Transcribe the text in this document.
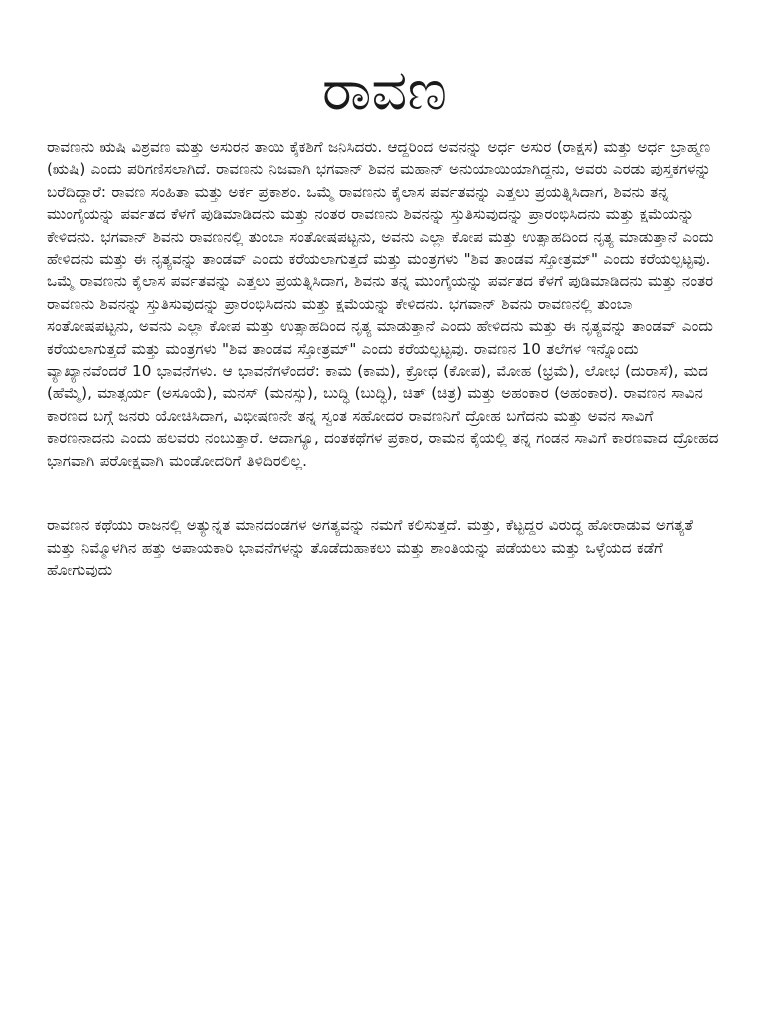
ರಾವಣ

ರಾವಣನು ಋಷಿ ವಿಶ್ರವಣ ಮತ್ತು ಅಸುರನ ತಾಯಿ ಕೈಕಶಿಗೆ ಜನಿಸಿದರು. ಆದ್ದರಿಂದ ಅವನನ್ನು ಅರ್ಧ ಅಸುರ (ರಾಕ್ಷಸ) ಮತ್ತು ಅರ್ಧ ಬ್ರಾಹ್ಮಣ (ಋಷಿ) ಎಂದು ಪರಿಗಣಿಸಲಾಗಿದೆ. ರಾವಣನು ನಿಜವಾಗಿ ಭಗವಾನ್ ಶಿವನ ಮಹಾನ್ ಅನುಯಾಯಿಯಾಗಿದ್ದನು, ಅವರು ಎರಡು ಪುಸ್ತಕಗಳನ್ನು ಬರೆದಿದ್ದಾರೆ: ರಾವಣ ಸಂಹಿತಾ ಮತ್ತು ಅರ್ಕ ಪ್ರಕಾಶಂ. ಒಮ್ಮೆ ರಾವಣನು ಕೈಲಾಸ ಪರ್ವತವನ್ನು ಎತ್ತಲು ಪ್ರಯತ್ನಿಸಿದಾಗ, ಶಿವನು ತನ್ನ ಮುಂಗೈಯನ್ನು ಪರ್ವತದ ಕೆಳಗೆ ಪುಡಿಮಾಡಿದನು ಮತ್ತು ನಂತರ ರಾವಣನು ಶಿವನನ್ನು ಸ್ತುತಿಸುವುದನ್ನು ಪ್ರಾರಂಭಿಸಿದನು ಮತ್ತು ಕ್ಷಮೆಯನ್ನು ಕೇಳಿದನು. ಭಗವಾನ್ ಶಿವನು ರಾವಣನಲ್ಲಿ ತುಂಬಾ ಸಂತೋಷಪಟ್ಟನು, ಅವನು ಎಲ್ಲಾ ಕೋಪ ಮತ್ತು ಉತ್ಸಾಹದಿಂದ ನೃತ್ಯ ಮಾಡುತ್ತಾನೆ ಎಂದು ಹೇಳಿದನು ಮತ್ತು ಈ ನೃತ್ಯವನ್ನು ತಾಂಡವ್ ಎಂದು ಕರೆಯಲಾಗುತ್ತದೆ ಮತ್ತು ಮಂತ್ರಗಳು "ಶಿವ ತಾಂಡವ ಸ್ತೋತ್ರಮ್" ಎಂದು ಕರೆಯಲ್ಪಟ್ಟವು. ಒಮ್ಮೆ ರಾವಣನು ಕೈಲಾಸ ಪರ್ವತವನ್ನು ಎತ್ತಲು ಪ್ರಯತ್ನಿಸಿದಾಗ, ಶಿವನು ತನ್ನ ಮುಂಗೈಯನ್ನು ಪರ್ವತದ ಕೆಳಗೆ ಪುಡಿಮಾಡಿದನು ಮತ್ತು ನಂತರ ರಾವಣನು ಶಿವನನ್ನು ಸ್ತುತಿಸುವುದನ್ನು ಪ್ರಾರಂಭಿಸಿದನು ಮತ್ತು ಕ್ಷಮೆಯನ್ನು ಕೇಳಿದನು. ಭಗವಾನ್ ಶಿವನು ರಾವಣನಲ್ಲಿ ತುಂಬಾ ಸಂತೋಷಪಟ್ಟನು, ಅವನು ಎಲ್ಲಾ ಕೋಪ ಮತ್ತು ಉತ್ಸಾಹದಿಂದ ನೃತ್ಯ ಮಾಡುತ್ತಾನೆ ಎಂದು ಹೇಳಿದನು ಮತ್ತು ಈ ನೃತ್ಯವನ್ನು ತಾಂಡವ್ ಎಂದು ಕರೆಯಲಾಗುತ್ತದೆ ಮತ್ತು ಮಂತ್ರಗಳು "ಶಿವ ತಾಂಡವ ಸ್ತೋತ್ರಮ್" ಎಂದು ಕರೆಯಲ್ಪಟ್ಟವು. ರಾವಣನ 10 ತಲೆಗಳ ಇನ್ನೊಂದು ವ್ಯಾಖ್ಯಾನವೆಂದರೆ 10 ಭಾವನೆಗಳು. ಆ ಭಾವನೆಗಳೆಂದರೆ: ಕಾಮ (ಕಾಮ), ಕ್ರೋಧ (ಕೋಪ), ಮೋಹ (ಭ್ರಮೆ), ಲೋಭ (ದುರಾಸೆ), ಮದ (ಹೆಮ್ಮೆ), ಮಾತ್ಸರ್ಯ (ಅಸೂಯೆ), ಮನಸ್ (ಮನಸ್ಸು), ಬುದ್ಧಿ (ಬುದ್ಧಿ), ಚಿತ್ (ಚಿತ್ರ) ಮತ್ತು ಅಹಂಕಾರ (ಅಹಂಕಾರ). ರಾವಣನ ಸಾವಿನ ಕಾರಣದ ಬಗ್ಗೆ ಜನರು ಯೋಚಿಸಿದಾಗ, ವಿಭೀಷಣನೇ ತನ್ನ ಸ್ವಂತ ಸಹೋದರ ರಾವಣನಿಗೆ ದ್ರೋಹ ಬಗೆದನು ಮತ್ತು ಅವನ ಸಾವಿಗೆ ಕಾರಣನಾದನು ಎಂದು ಹಲವರು ನಂಬುತ್ತಾರೆ. ಆದಾಗ್ಯೂ, ದಂತಕಥೆಗಳ ಪ್ರಕಾರ, ರಾಮನ ಕೈಯಲ್ಲಿ ತನ್ನ ಗಂಡನ ಸಾವಿಗೆ ಕಾರಣವಾದ ದ್ರೋಹದ ಭಾಗವಾಗಿ ಪರೋಕ್ಷವಾಗಿ ಮಂಡೋದರಿಗೆ ತಿಳಿದಿರಲಿಲ್ಲ.

ರಾವಣನ ಕಥೆಯು ರಾಜನಲ್ಲಿ ಅತ್ಯುನ್ನತ ಮಾನದಂಡಗಳ ಅಗತ್ಯವನ್ನು ನಮಗೆ ಕಲಿಸುತ್ತದೆ. ಮತ್ತು, ಕೆಟ್ಟದ್ದರ ವಿರುದ್ಧ ಹೋರಾಡುವ ಅಗತ್ಯತೆ ಮತ್ತು ನಿಮ್ಮೊಳಗಿನ ಹತ್ತು ಅಪಾಯಕಾರಿ ಭಾವನೆಗಳನ್ನು ತೊಡೆದುಹಾಕಲು ಮತ್ತು ಶಾಂತಿಯನ್ನು ಪಡೆಯಲು ಮತ್ತು ಒಳ್ಳೆಯದ ಕಡೆಗೆ ಹೋಗುವುದು
